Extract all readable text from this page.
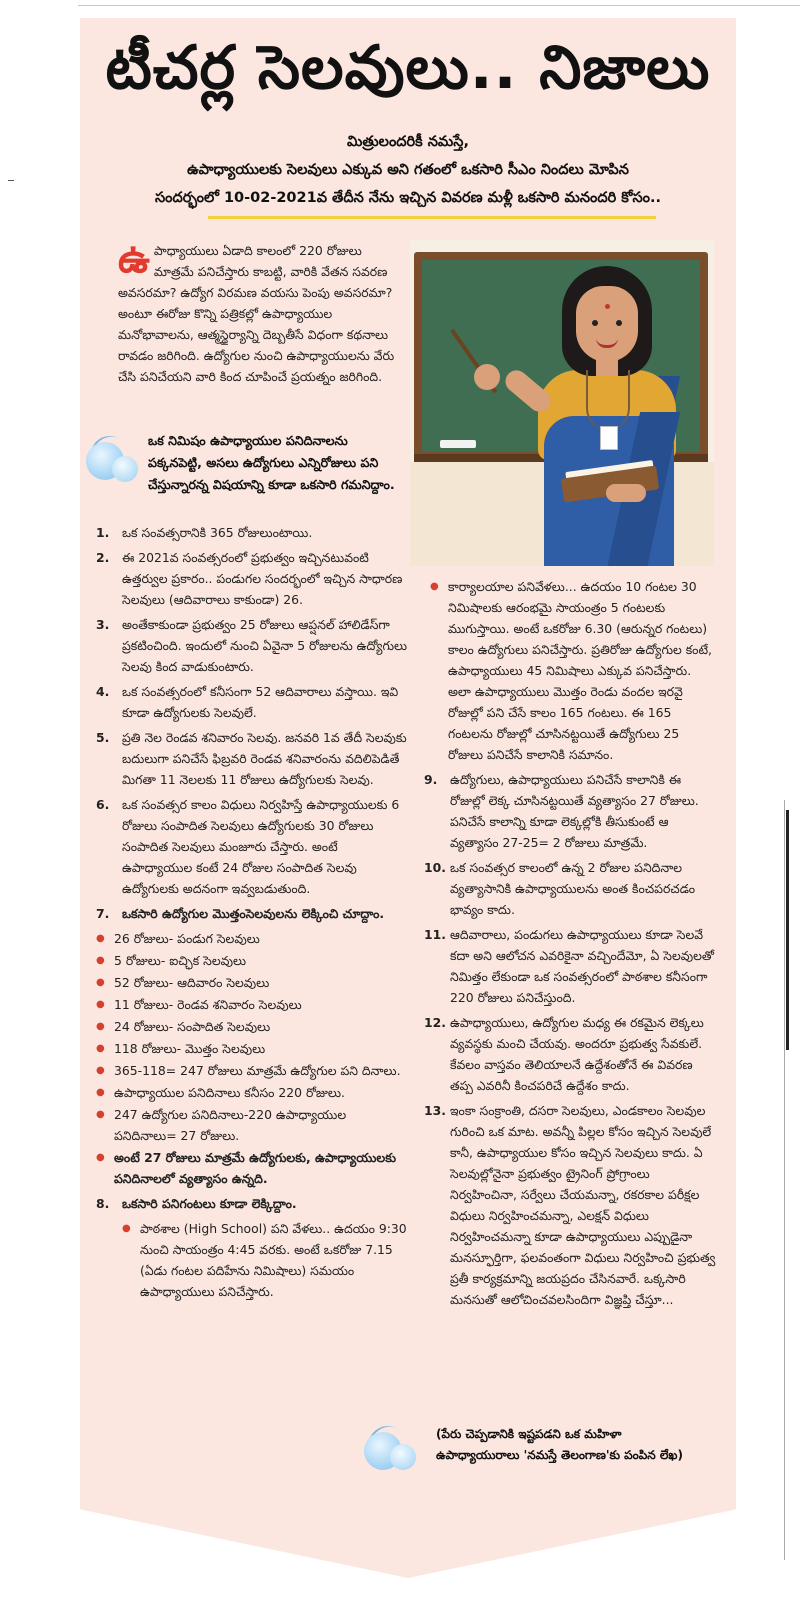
టీచర్ల సెలవులు.. నిజాలు
మిత్రులందరికీ నమస్తే,
ఉపాధ్యాయులకు సెలవులు ఎక్కువ అని గతంలో ఒకసారి సీఎం నిందలు మోపిన
సందర్భంలో 10-02-2021వ తేదీన నేను ఇచ్చిన వివరణ మళ్లీ ఒకసారి మనందరి కోసం..
ఉ పాధ్యాయులు ఏడాది కాలంలో 220 రోజులు మాత్రమే పనిచేస్తారు కాబట్టి, వారికి వేతన సవరణ అవసరమా? ఉద్యోగ విరమణ వయసు పెంపు అవసరమా? అంటూ ఈరోజు కొన్ని పత్రికల్లో ఉపాధ్యాయుల మనోభావాలను, ఆత్మస్థైర్యాన్ని దెబ్బతీసే విధంగా కథనాలు రావడం జరిగింది. ఉద్యోగుల నుంచి ఉపాధ్యాయులను వేరు చేసి పనిచేయని వారి కింద చూపించే ప్రయత్నం జరిగింది.
ఒక నిమిషం ఉపాధ్యాయుల పనిదినాలను పక్కనపెట్టి, అసలు ఉద్యోగులు ఎన్నిరోజులు పని చేస్తున్నారన్న విషయాన్ని కూడా ఒకసారి గమనిద్దాం.
1. ఒక సంవత్సరానికి 365 రోజులుంటాయి.
2. ఈ 2021వ సంవత్సరంలో ప్రభుత్వం ఇచ్చినటువంటి ఉత్తర్వుల ప్రకారం.. పండుగల సందర్భంలో ఇచ్చిన సాధారణ సెలవులు (ఆదివారాలు కాకుండా) 26.
3. అంతేకాకుండా ప్రభుత్వం 25 రోజులు ఆప్షనల్ హాలిడేస్‌గా ప్రకటించింది. ఇందులో నుంచి ఏవైనా 5 రోజులను ఉద్యోగులు సెలవు కింద వాడుకుంటారు.
4. ఒక సంవత్సరంలో కనీసంగా 52 ఆదివారాలు వస్తాయి. ఇవి కూడా ఉద్యోగులకు సెలవులే.
5. ప్రతి నెల రెండవ శనివారం సెలవు. జనవరి 1వ తేదీ సెలవుకు బదులుగా పనిచేసే ఫిబ్రవరి రెండవ శనివారంను వదిలిపెడితే మిగతా 11 నెలలకు 11 రోజులు ఉద్యోగులకు సెలవు.
6. ఒక సంవత్సర కాలం విధులు నిర్వహిస్తే ఉపాధ్యాయులకు 6 రోజులు సంపాదిత సెలవులు ఉద్యోగులకు 30 రోజులు సంపాదిత సెలవులు మంజూరు చేస్తారు. అంటే ఉపాధ్యాయుల కంటే 24 రోజుల సంపాదిత సెలవు ఉద్యోగులకు అదనంగా ఇవ్వబడుతుంది.
7. ఒకసారి ఉద్యోగుల మొత్తంసెలవులను లెక్కించి చూద్దాం.
● 26 రోజులు- పండుగ సెలవులు
● 5 రోజులు- ఐచ్ఛిక సెలవులు
● 52 రోజులు- ఆదివారం సెలవులు
● 11 రోజులు- రెండవ శనివారం సెలవులు
● 24 రోజులు- సంపాదిత సెలవులు
● 118 రోజులు- మొత్తం సెలవులు
● 365-118= 247 రోజులు మాత్రమే ఉద్యోగుల పని దినాలు.
● ఉపాధ్యాయుల పనిదినాలు కనీసం 220 రోజులు.
● 247 ఉద్యోగుల పనిదినాలు-220 ఉపాధ్యాయుల పనిదినాలు= 27 రోజులు.
● అంటే 27 రోజులు మాత్రమే ఉద్యోగులకు, ఉపాధ్యాయులకు పనిదినాలలో వ్యత్యాసం ఉన్నది.
8. ఒకసారి పనిగంటలు కూడా లెక్కిద్దాం.
● పాఠశాల (High School) పని వేళలు.. ఉదయం 9:30 నుంచి సాయంత్రం 4:45 వరకు. అంటే ఒకరోజు 7.15 (ఏడు గంటల పదిహేను నిమిషాలు) సమయం ఉపాధ్యాయులు పనిచేస్తారు.
● కార్యాలయాల పనివేళలు... ఉదయం 10 గంటల 30 నిమిషాలకు ఆరంభమై సాయంత్రం 5 గంటలకు ముగుస్తాయి. అంటే ఒకరోజు 6.30 (ఆరున్నర గంటలు) కాలం ఉద్యోగులు పనిచేస్తారు. ప్రతిరోజు ఉద్యోగుల కంటే, ఉపాధ్యాయులు 45 నిమిషాలు ఎక్కువ పనిచేస్తారు. అలా ఉపాధ్యాయులు మొత్తం రెండు వందల ఇరవై రోజుల్లో పని చేసే కాలం 165 గంటలు. ఈ 165 గంటలను రోజుల్లో చూసినట్టయితే ఉద్యోగులు 25 రోజులు పనిచేసే కాలానికి సమానం.
9. ఉద్యోగులు, ఉపాధ్యాయులు పనిచేసే కాలానికి ఈ రోజుల్లో లెక్క చూసినట్టయితే వ్యత్యాసం 27 రోజులు. పనిచేసే కాలాన్ని కూడా లెక్కల్లోకి తీసుకుంటే ఆ వ్యత్యాసం 27-25= 2 రోజులు మాత్రమే.
10. ఒక సంవత్సర కాలంలో ఉన్న 2 రోజుల పనిదినాల వ్యత్యాసానికి ఉపాధ్యాయులను అంత కించపరచడం భావ్యం కాదు.
11. ఆదివారాలు, పండుగలు ఉపాధ్యాయులు కూడా సెలవే కదా అని ఆలోచన ఎవరికైనా వచ్చిందేమో, ఏ సెలవులతో నిమిత్తం లేకుండా ఒక సంవత్సరంలో పాఠశాల కనీసంగా 220 రోజులు పనిచేస్తుంది.
12. ఉపాధ్యాయులు, ఉద్యోగుల మధ్య ఈ రకమైన లెక్కలు వ్యవస్థకు మంచి చేయవు. అందరూ ప్రభుత్వ సేవకులే. కేవలం వాస్తవం తెలియాలనే ఉద్దేశంతోనే ఈ వివరణ తప్ప ఎవరినీ కించపరిచే ఉద్దేశం కాదు.
13. ఇంకా సంక్రాంతి, దసరా సెలవులు, ఎండకాలం సెలవుల గురించి ఒక మాట. అవన్నీ పిల్లల కోసం ఇచ్చిన సెలవులే కానీ, ఉపాధ్యాయుల కోసం ఇచ్చిన సెలవులు కాదు. ఏ సెలవుల్లోనైనా ప్రభుత్వం ట్రైనింగ్ ప్రోగ్రాంలు నిర్వహించినా, సర్వేలు చేయమన్నా, రకరకాల పరీక్షల విధులు నిర్వహించమన్నా, ఎలక్షన్ విధులు నిర్వహించమన్నా కూడా ఉపాధ్యాయులు ఎప్పుడైనా మనస్ఫూర్తిగా, ఫలవంతంగా విధులు నిర్వహించి ప్రభుత్వ ప్రతీ కార్యక్రమాన్ని జయప్రదం చేసినవారే. ఒక్కసారి మనసుతో ఆలోచించవలసిందిగా విజ్ఞప్తి చేస్తూ...
(పేరు చెప్పడానికి ఇష్టపడని ఒక మహిళా ఉపాధ్యాయురాలు 'నమస్తే తెలంగాణ'కు పంపిన లేఖ)
